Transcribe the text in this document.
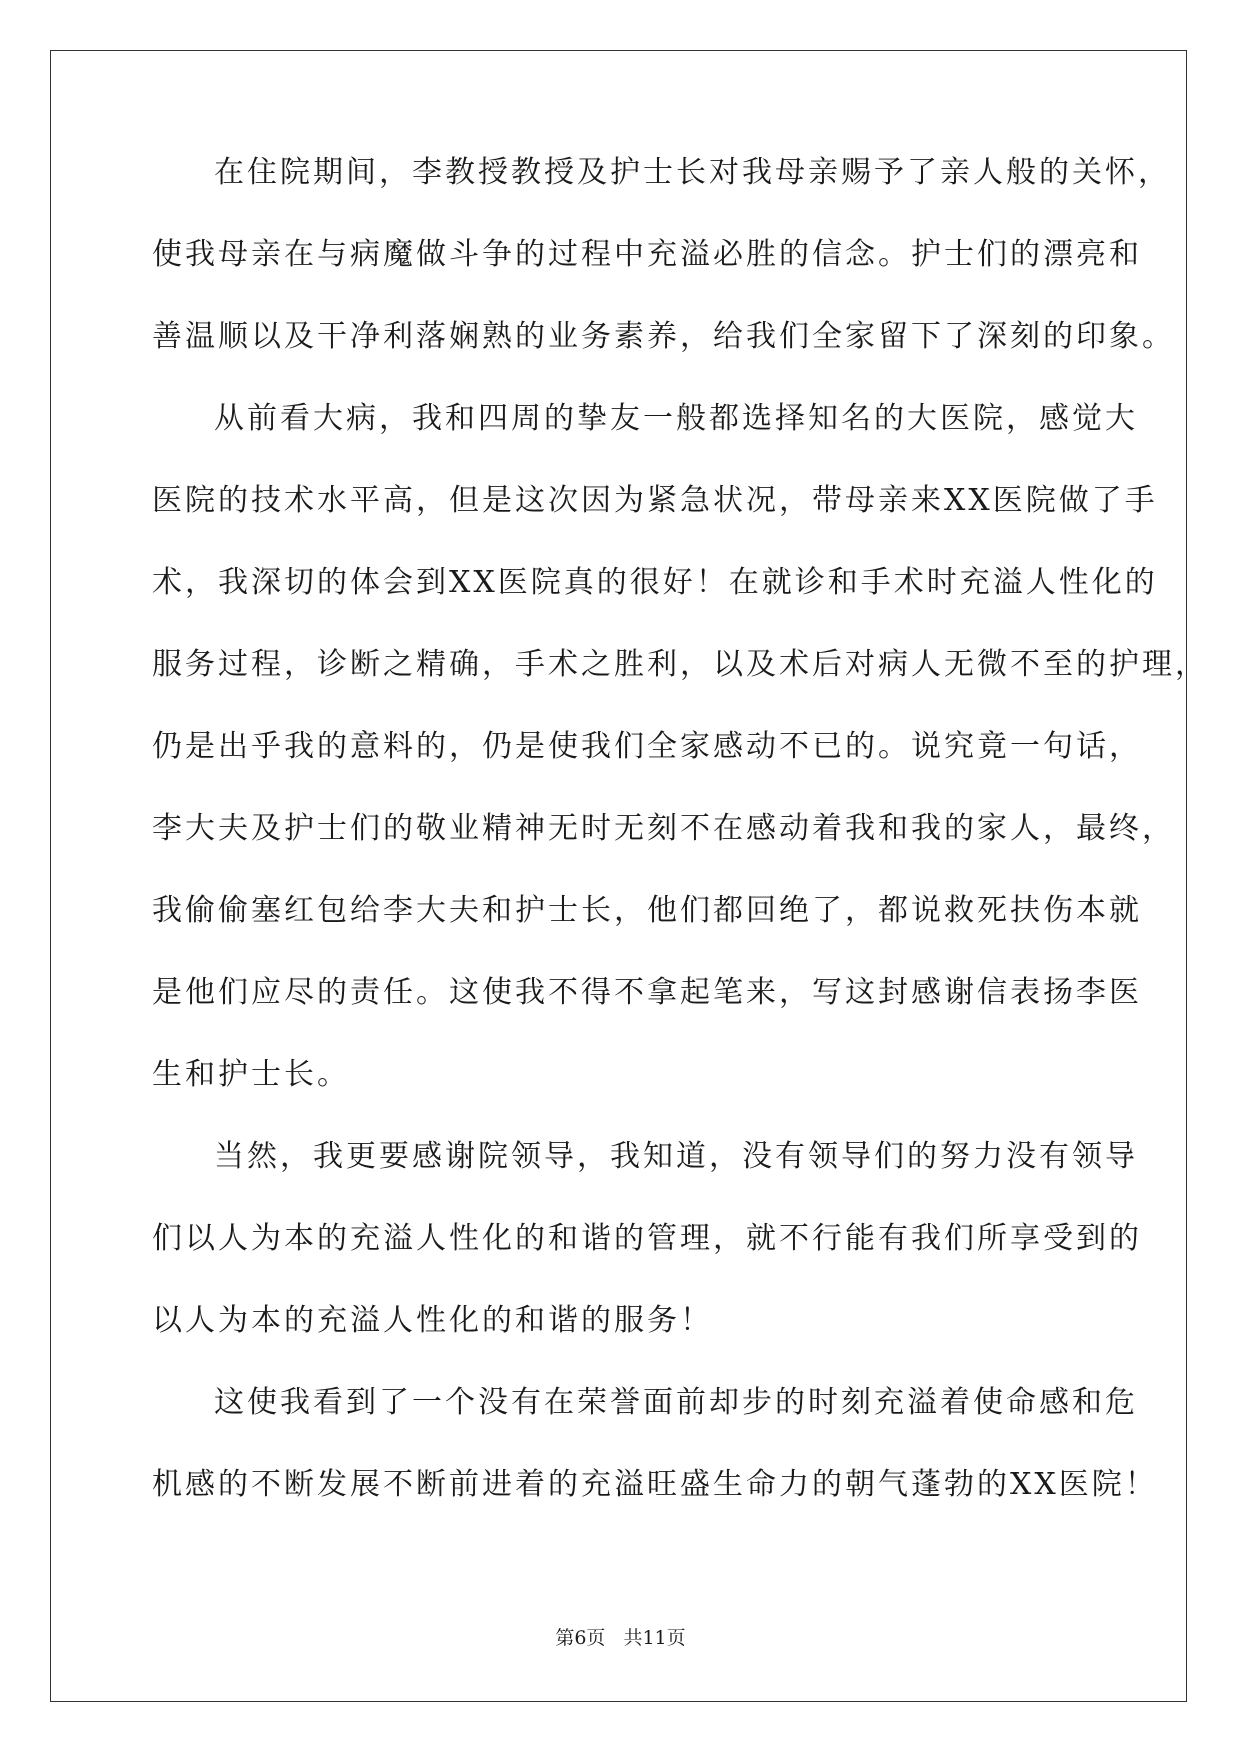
在住院期间，李教授教授及护士长对我母亲赐予了亲人般的关怀，
使我母亲在与病魔做斗争的过程中充溢必胜的信念。护士们的漂亮和
善温顺以及干净利落娴熟的业务素养，给我们全家留下了深刻的印象。
从前看大病，我和四周的挚友一般都选择知名的大医院，感觉大
医院的技术水平高，但是这次因为紧急状况，带母亲来XX医院做了手
术，我深切的体会到XX医院真的很好！在就诊和手术时充溢人性化的
服务过程，诊断之精确，手术之胜利，以及术后对病人无微不至的护理，
仍是出乎我的意料的，仍是使我们全家感动不已的。说究竟一句话，
李大夫及护士们的敬业精神无时无刻不在感动着我和我的家人，最终，
我偷偷塞红包给李大夫和护士长，他们都回绝了，都说救死扶伤本就
是他们应尽的责任。这使我不得不拿起笔来，写这封感谢信表扬李医
生和护士长。
当然，我更要感谢院领导，我知道，没有领导们的努力没有领导
们以人为本的充溢人性化的和谐的管理，就不行能有我们所享受到的
以人为本的充溢人性化的和谐的服务！
这使我看到了一个没有在荣誉面前却步的时刻充溢着使命感和危
机感的不断发展不断前进着的充溢旺盛生命力的朝气蓬勃的XX医院！
第6页 共11页
